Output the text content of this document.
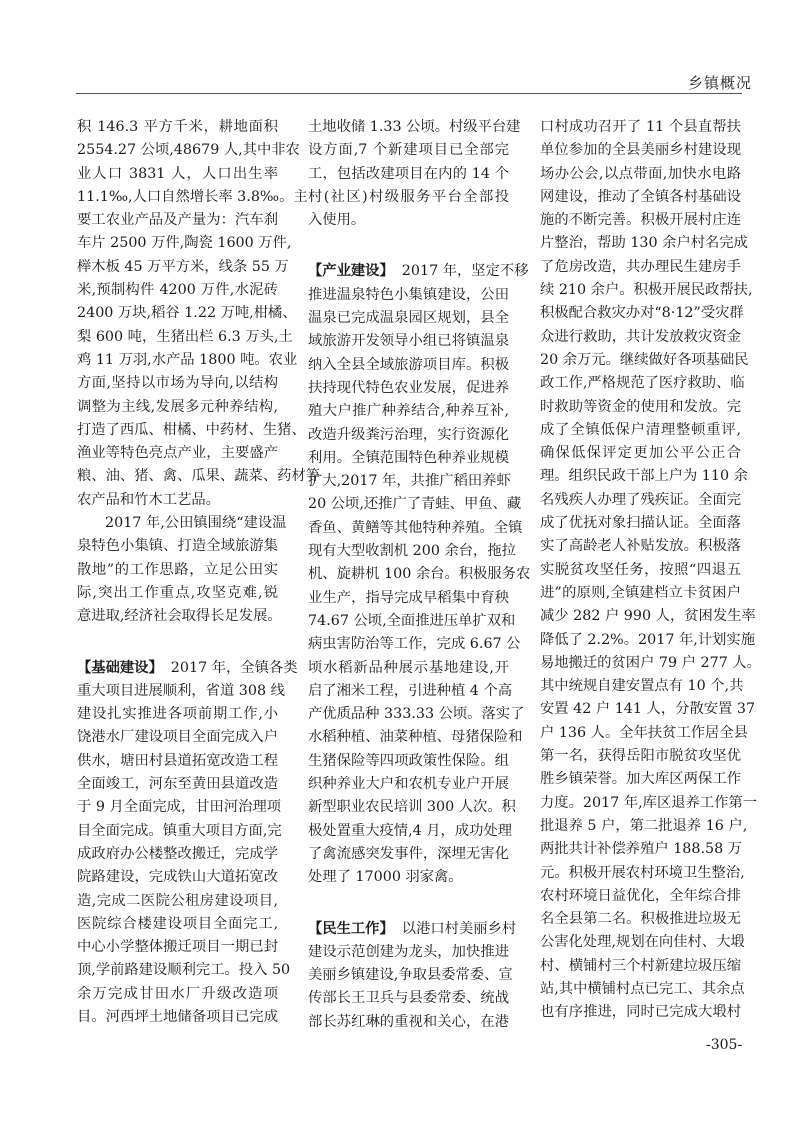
乡镇概况
积 146.3 平方千米，耕地面积
2554.27 公顷,48679 人,其中非农
业人口 3831 人，人口出生率
11.1‰,人口自然增长率 3.8‰。主
要工农业产品及产量为：汽车刹
车片 2500 万件,陶瓷 1600 万件,
榉木板 45 万平方米，线条 55 万
米,预制构件 4200 万件,水泥砖
2400 万块,稻谷 1.22 万吨,柑橘、
梨 600 吨，生猪出栏 6.3 万头,土
鸡 11 万羽,水产品 1800 吨。农业
方面,坚持以市场为导向,以结构
调整为主线,发展多元种养结构,
打造了西瓜、柑橘、中药材、生猪、
渔业等特色亮点产业，主要盛产
粮、油、猪、禽、瓜果、蔬菜、药材等
农产品和竹木工艺品。
2017 年,公田镇围绕“建设温
泉特色小集镇、打造全域旅游集
散地”的工作思路，立足公田实
际,突出工作重点,攻坚克难,锐
意进取,经济社会取得长足发展。
【基础建设】 2017 年，全镇各类
重大项目进展顺利，省道 308 线
建设扎实推进各项前期工作,小
饶港水厂建设项目全面完成入户
供水，塘田村县道拓宽改造工程
全面竣工，河东至黄田县道改造
于 9 月全面完成，甘田河治理项
目全面完成。镇重大项目方面,完
成政府办公楼整改搬迁，完成学
院路建设，完成铁山大道拓宽改
造,完成二医院公租房建设项目,
医院综合楼建设项目全面完工,
中心小学整体搬迁项目一期已封
顶,学前路建设顺利完工。投入 50
余万完成甘田水厂升级改造项
目。河西坪土地储备项目已完成
土地收储 1.33 公顷。村级平台建
设方面,7 个新建项目已全部完
工，包括改建项目在内的 14 个
村(社区)村级服务平台全部投
入使用。
【产业建设】 2017 年，坚定不移
推进温泉特色小集镇建设，公田
温泉已完成温泉园区规划，县全
域旅游开发领导小组已将镇温泉
纳入全县全域旅游项目库。积极
扶持现代特色农业发展，促进养
殖大户推广种养结合,种养互补,
改造升级粪污治理，实行资源化
利用。全镇范围特色种养业规模
扩大,2017 年，共推广稻田养虾
20 公顷,还推广了青蛙、甲鱼、藏
香鱼、黄鳝等其他特种养殖。全镇
现有大型收割机 200 余台，拖拉
机、旋耕机 100 余台。积极服务农
业生产，指导完成早稻集中育秧
74.67 公顷,全面推进压单扩双和
病虫害防治等工作，完成 6.67 公
顷水稻新品种展示基地建设,开
启了湘米工程，引进种植 4 个高
产优质品种 333.33 公顷。落实了
水稻种植、油菜种植、母猪保险和
生猪保险等四项政策性保险。组
织种养业大户和农机专业户开展
新型职业农民培训 300 人次。积
极处置重大疫情,4 月，成功处理
了禽流感突发事件，深埋无害化
处理了 17000 羽家禽。
【民生工作】 以港口村美丽乡村
建设示范创建为龙头，加快推进
美丽乡镇建设,争取县委常委、宣
传部长王卫兵与县委常委、统战
部长苏红琳的重视和关心，在港
口村成功召开了 11 个县直帮扶
单位参加的全县美丽乡村建设现
场办公会,以点带面,加快水电路
网建设，推动了全镇各村基础设
施的不断完善。积极开展村庄连
片整治，帮助 130 余户村名完成
了危房改造，共办理民生建房手
续 210 余户。积极开展民政帮扶,
积极配合救灾办对“8·12”受灾群
众进行救助，共计发放救灾资金
20 余万元。继续做好各项基础民
政工作,严格规范了医疗救助、临
时救助等资金的使用和发放。完
成了全镇低保户清理整顿重评,
确保低保评定更加公平公正合
理。组织民政干部上户为 110 余
名残疾人办理了残疾证。全面完
成了优抚对象扫描认证。全面落
实了高龄老人补贴发放。积极落
实脱贫攻坚任务，按照“四退五
进”的原则,全镇建档立卡贫困户
减少 282 户 990 人，贫困发生率
降低了 2.2%。2017 年,计划实施
易地搬迁的贫困户 79 户 277 人。
其中统规自建安置点有 10 个,共
安置 42 户 141 人，分散安置 37
户 136 人。全年扶贫工作居全县
第一名，获得岳阳市脱贫攻坚优
胜乡镇荣誉。加大库区两保工作
力度。2017 年,库区退养工作第一
批退养 5 户，第二批退养 16 户,
两批共计补偿养殖户 188.58 万
元。积极开展农村环境卫生整治,
农村环境日益优化，全年综合排
名全县第二名。积极推进垃圾无
公害化处理,规划在向佳村、大塅
村、横铺村三个村新建垃圾压缩
站,其中横铺村点已完工、其余点
也有序推进，同时已完成大塅村
-305-
